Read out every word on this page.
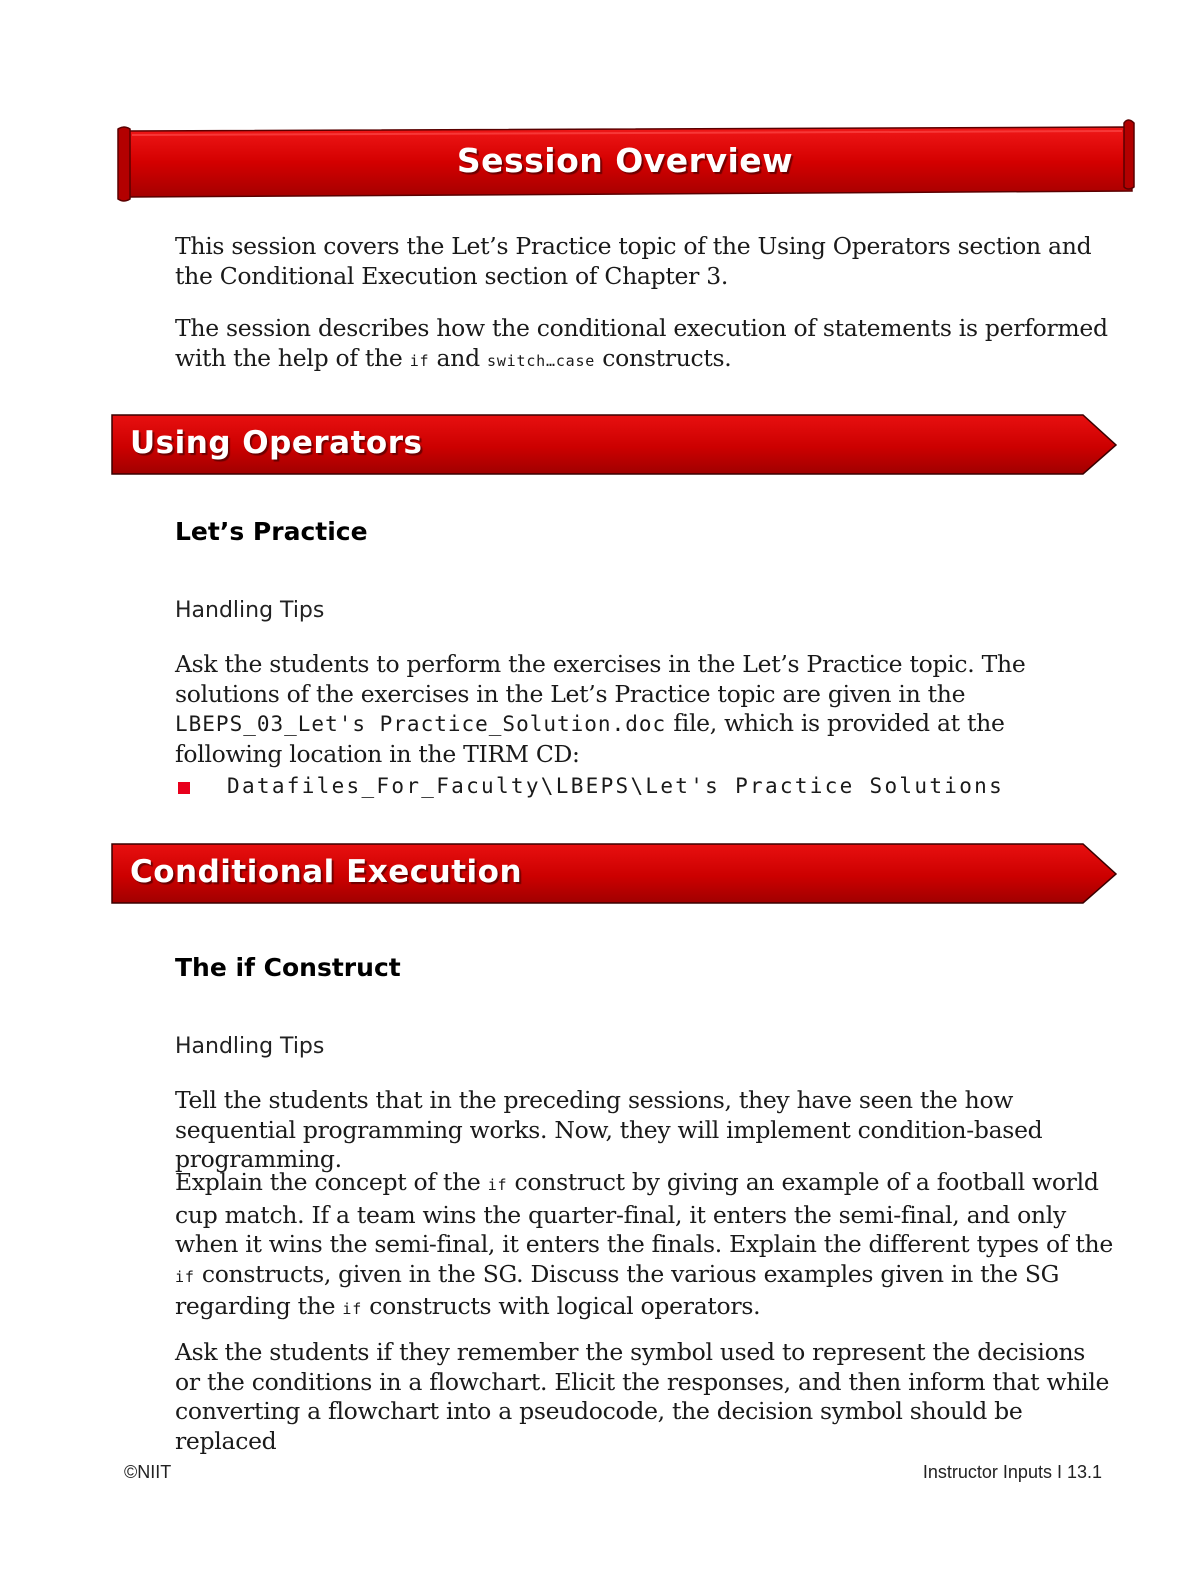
Session Overview

This session covers the Let’s Practice topic of the Using Operators section and the Conditional Execution section of Chapter 3.

The session describes how the conditional execution of statements is performed with the help of the if and switch…case constructs.

Using Operators
Let’s Practice
Handling Tips

Ask the students to perform the exercises in the Let’s Practice topic. The solutions of the exercises in the Let’s Practice topic are given in the LBEPS_03_Let's Practice_Solution.doc file, which is provided at the following location in the TIRM CD:

Datafiles_For_Faculty\LBEPS\Let's Practice Solutions
Conditional Execution
The if Construct
Handling Tips

Tell the students that in the preceding sessions, they have seen the how sequential programming works. Now, they will implement condition-based programming.

Explain the concept of the if construct by giving an example of a football world cup match. If a team wins the quarter-final, it enters the semi-final, and only when it wins the semi-final, it enters the finals. Explain the different types of the if constructs, given in the SG. Discuss the various examples given in the SG regarding the if constructs with logical operators.

Ask the students if they remember the symbol used to represent the decisions or the conditions in a flowchart. Elicit the responses, and then inform that while converting a flowchart into a pseudocode, the decision symbol should be replaced

©NIIT	Instructor Inputs I 13.1
